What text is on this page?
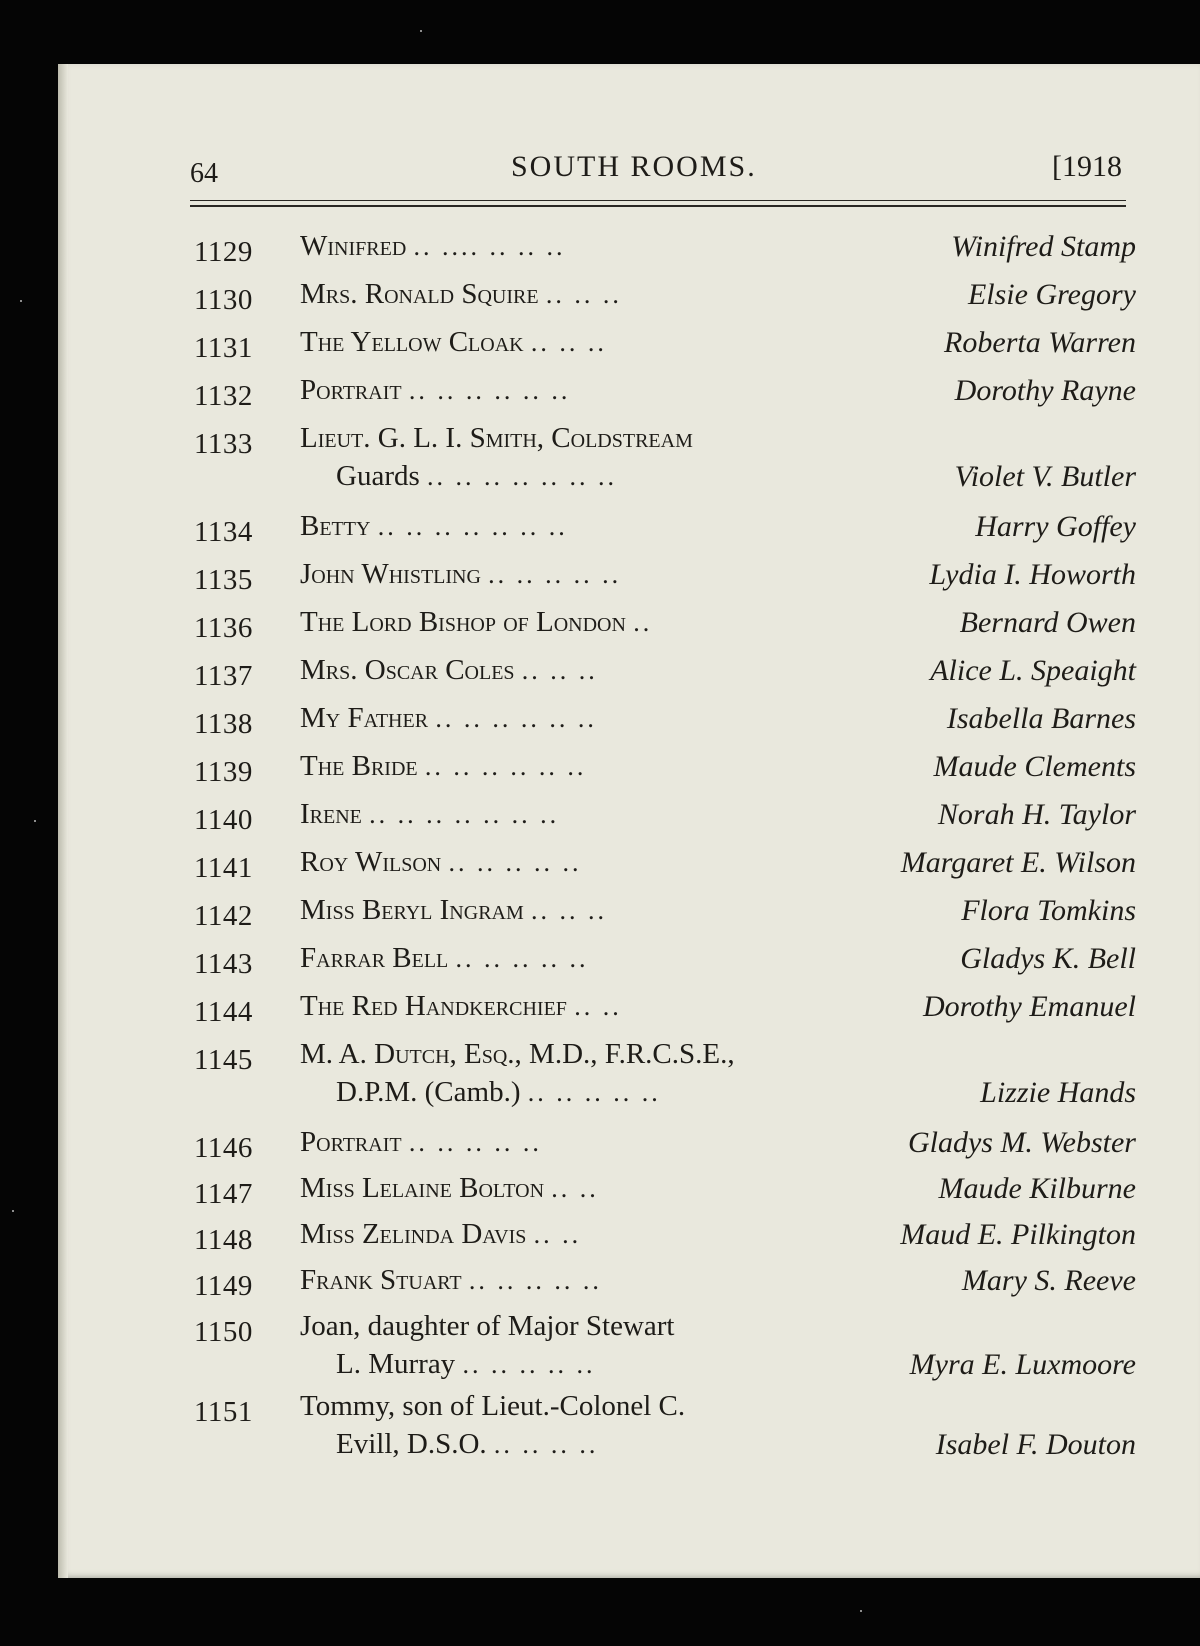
64	SOUTH ROOMS.	[1918
1129 Winifred .. .... .. .. ..	Winifred Stamp
1130 Mrs. Ronald Squire .. .. ..	Elsie Gregory
1131 The Yellow Cloak .. .. ..	Roberta Warren
1132 Portrait .. .. .. .. .. ..	Dorothy Rayne
1133 Lieut. G. L. I. Smith, Coldstream
Guards .. .. .. .. .. .. ..	Violet V. Butler
1134 Betty .. .. .. .. .. .. ..	Harry Goffey
1135 John Whistling .. .. .. .. ..	Lydia I. Howorth
1136 The Lord Bishop of London ..	Bernard Owen
1137 Mrs. Oscar Coles .. .. ..	Alice L. Speaight
1138 My Father .. .. .. .. .. ..	Isabella Barnes
1139 The Bride .. .. .. .. .. ..	Maude Clements
1140 Irene .. .. .. .. .. .. ..	Norah H. Taylor
1141 Roy Wilson .. .. .. .. ..	Margaret E. Wilson
1142 Miss Beryl Ingram .. .. ..	Flora Tomkins
1143 Farrar Bell .. .. .. .. ..	Gladys K. Bell
1144 The Red Handkerchief .. ..	Dorothy Emanuel
1145 M. A. Dutch, Esq., M.D., F.R.C.S.E.,
D.P.M. (Camb.) .. .. .. .. ..	Lizzie Hands
1146 Portrait .. .. .. .. ..	Gladys M. Webster
1147 Miss Lelaine Bolton .. ..	Maude Kilburne
1148 Miss Zelinda Davis .. ..	Maud E. Pilkington
1149 Frank Stuart .. .. .. .. ..	Mary S. Reeve
1150 Joan, daughter of Major Stewart
L. Murray .. .. .. .. ..	Myra E. Luxmoore
1151 Tommy, son of Lieut.-Colonel C.
Evill, D.S.O. .. .. .. ..	Isabel F. Douton
